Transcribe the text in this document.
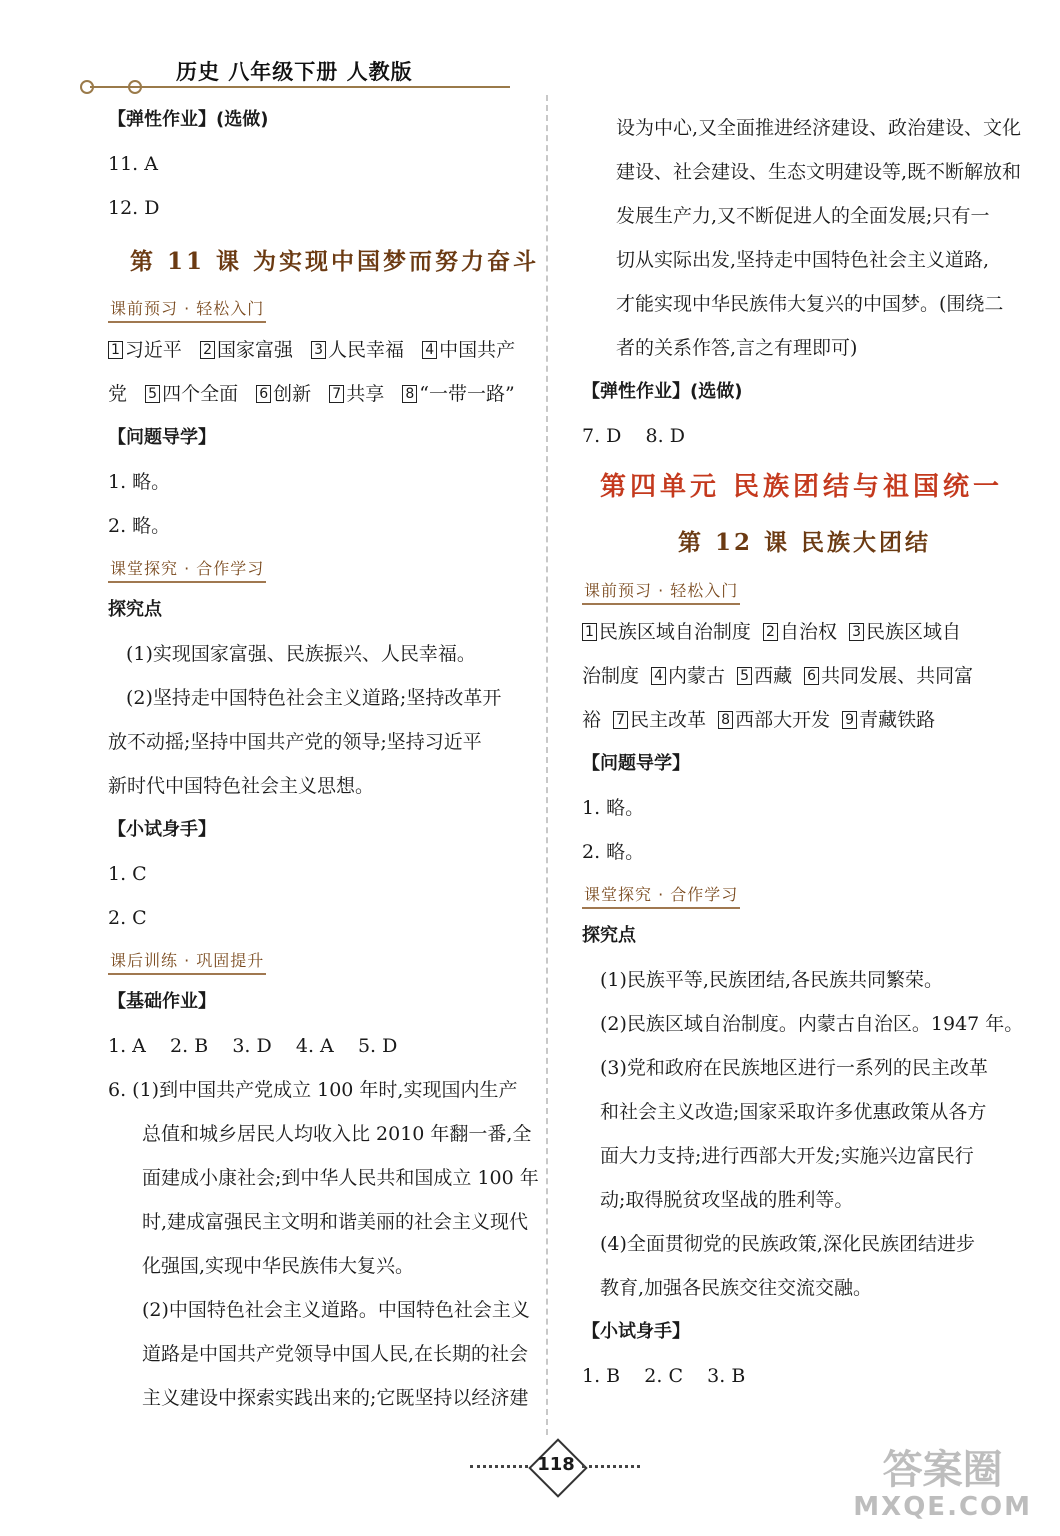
历史 八年级下册 人教版

【弹性作业】(选做)

11. A

12. D

第 11 课 为实现中国梦而努力奋斗

课前预习 · 轻松入门

1 习近平 2 国家富强 3 人民幸福 4 中国共产

党 5 四个全面 6 创新 7 共享 8 “一带一路”

【问题导学】

1. 略。

2. 略。

课堂探究 · 合作学习

探究点

(1)实现国家富强、民族振兴、人民幸福。

(2)坚持走中国特色社会主义道路;坚持改革开

放不动摇;坚持中国共产党的领导;坚持习近平

新时代中国特色社会主义思想。

【小试身手】

1. C

2. C

课后训练 · 巩固提升

【基础作业】

1. A    2. B    3. D    4. A    5. D

6. (1)到中国共产党成立 100 年时,实现国内生产

总值和城乡居民人均收入比 2010 年翻一番,全

面建成小康社会;到中华人民共和国成立 100 年

时,建成富强民主文明和谐美丽的社会主义现代

化强国,实现中华民族伟大复兴。

(2)中国特色社会主义道路。中国特色社会主义

道路是中国共产党领导中国人民,在长期的社会

主义建设中探索实践出来的;它既坚持以经济建

设为中心,又全面推进经济建设、政治建设、文化

建设、社会建设、生态文明建设等,既不断解放和

发展生产力,又不断促进人的全面发展;只有一

切从实际出发,坚持走中国特色社会主义道路,

才能实现中华民族伟大复兴的中国梦。(围绕二

者的关系作答,言之有理即可)

【弹性作业】(选做)

7. D    8. D

第四单元 民族团结与祖国统一

第 12 课 民族大团结

课前预习 · 轻松入门

1 民族区域自治制度 2 自治权 3 民族区域自

治制度 4 内蒙古 5 西藏 6 共同发展、共同富

裕 7 民主改革 8 西部大开发 9 青藏铁路

【问题导学】

1. 略。

2. 略。

课堂探究 · 合作学习

探究点

(1)民族平等,民族团结,各民族共同繁荣。

(2)民族区域自治制度。内蒙古自治区。1947 年。

(3)党和政府在民族地区进行一系列的民主改革

和社会主义改造;国家采取许多优惠政策从各方

面大力支持;进行西部大开发;实施兴边富民行

动;取得脱贫攻坚战的胜利等。

(4)全面贯彻党的民族政策,深化民族团结进步

教育,加强各民族交往交流交融。

【小试身手】

1. B    2. C    3. B

118	答案圈
MXQE.COM
